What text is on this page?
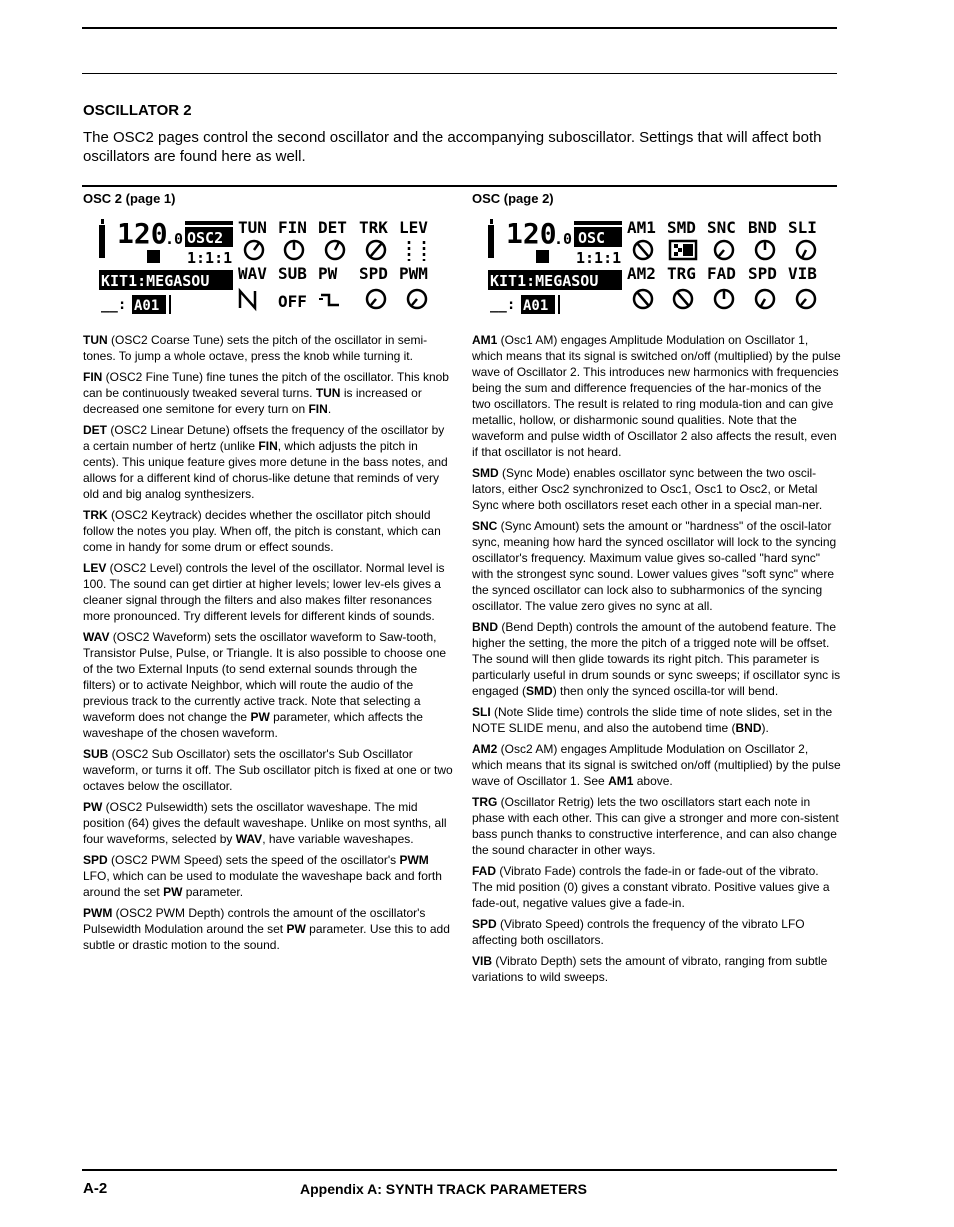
OSCILLATOR 2

The OSC2 pages control the second oscillator and the accompanying suboscillator. Settings that will affect both oscillators are found here as well.

OSC 2 (page 1)	OSC (page 2)
120
.0 OSC2
1:1:1
KIT1:MEGASOU
__: A01
TUN FIN DET TRK LEV
WAV SUB PW SPD PWM
OFF
120
.0 OSC
1:1:1
KIT1:MEGASOU
__: A01
AM1 SMD SNC BND SLI
AM2 TRG FAD SPD VIB

TUN (OSC2 Coarse Tune) sets the pitch of the oscillator in semi-tones. To jump a whole octave, press the knob while turning it.

FIN (OSC2 Fine Tune) fine tunes the pitch of the oscillator. This knob can be continuously tweaked several turns. TUN is increased or decreased one semitone for every turn on FIN.

DET (OSC2 Linear Detune) offsets the frequency of the oscillator by a certain number of hertz (unlike FIN, which adjusts the pitch in cents). This unique feature gives more detune in the bass notes, and allows for a different kind of chorus-like detune that reminds of very old and big analog synthesizers.

TRK (OSC2 Keytrack) decides whether the oscillator pitch should follow the notes you play. When off, the pitch is constant, which can come in handy for some drum or effect sounds.

LEV (OSC2 Level) controls the level of the oscillator. Normal level is 100. The sound can get dirtier at higher levels; lower lev-els gives a cleaner signal through the filters and also makes filter resonances more pronounced. Try different levels for different kinds of sounds.

WAV (OSC2 Waveform) sets the oscillator waveform to Saw-tooth, Transistor Pulse, Pulse, or Triangle. It is also possible to choose one of the two External Inputs (to send external sounds through the filters) or to activate Neighbor, which will route the audio of the previous track to the currently active track. Note that selecting a waveform does not change the PW parameter, which affects the waveshape of the chosen waveform.

SUB (OSC2 Sub Oscillator) sets the oscillator's Sub Oscillator waveform, or turns it off. The Sub oscillator pitch is fixed at one or two octaves below the oscillator.

PW (OSC2 Pulsewidth) sets the oscillator waveshape. The mid position (64) gives the default waveshape. Unlike on most synths, all four waveforms, selected by WAV, have variable waveshapes.

SPD (OSC2 PWM Speed) sets the speed of the oscillator's PWM LFO, which can be used to modulate the waveshape back and forth around the set PW parameter.

PWM (OSC2 PWM Depth) controls the amount of the oscillator's Pulsewidth Modulation around the set PW parameter. Use this to add subtle or drastic motion to the sound.

AM1 (Osc1 AM) engages Amplitude Modulation on Oscillator 1, which means that its signal is switched on/off (multiplied) by the pulse wave of Oscillator 2. This introduces new harmonics with frequencies being the sum and difference frequencies of the har-monics of the two oscillators. The result is related to ring modula-tion and can give metallic, hollow, or disharmonic sound qualities. Note that the waveform and pulse width of Oscillator 2 also affects the result, even if that oscillator is not heard.

SMD (Sync Mode) enables oscillator sync between the two oscil-lators, either Osc2 synchronized to Osc1, Osc1 to Osc2, or Metal Sync where both oscillators reset each other in a special man-ner.

SNC (Sync Amount) sets the amount or "hardness" of the oscil-lator sync, meaning how hard the synced oscillator will lock to the syncing oscillator's frequency. Maximum value gives so-called "hard sync" with the strongest sync sound. Lower values gives "soft sync" where the synced oscillator can lock also to subharmonics of the syncing oscillator. The value zero gives no sync at all.

BND (Bend Depth) controls the amount of the autobend feature. The higher the setting, the more the pitch of a trigged note will be offset. The sound will then glide towards its right pitch. This parameter is particularly useful in drum sounds or sync sweeps; if oscillator sync is engaged (SMD) then only the synced oscilla-tor will bend.

SLI (Note Slide time) controls the slide time of note slides, set in the NOTE SLIDE menu, and also the autobend time (BND).

AM2 (Osc2 AM) engages Amplitude Modulation on Oscillator 2, which means that its signal is switched on/off (multiplied) by the pulse wave of Oscillator 1. See AM1 above.

TRG (Oscillator Retrig) lets the two oscillators start each note in phase with each other. This can give a stronger and more con-sistent bass punch thanks to constructive interference, and can also change the sound character in other ways.

FAD (Vibrato Fade) controls the fade-in or fade-out of the vibrato. The mid position (0) gives a constant vibrato. Positive values give a fade-out, negative values give a fade-in.

SPD (Vibrato Speed) controls the frequency of the vibrato LFO affecting both oscillators.

VIB (Vibrato Depth) sets the amount of vibrato, ranging from subtle variations to wild sweeps.

A-2	Appendix A: SYNTH TRACK PARAMETERS
